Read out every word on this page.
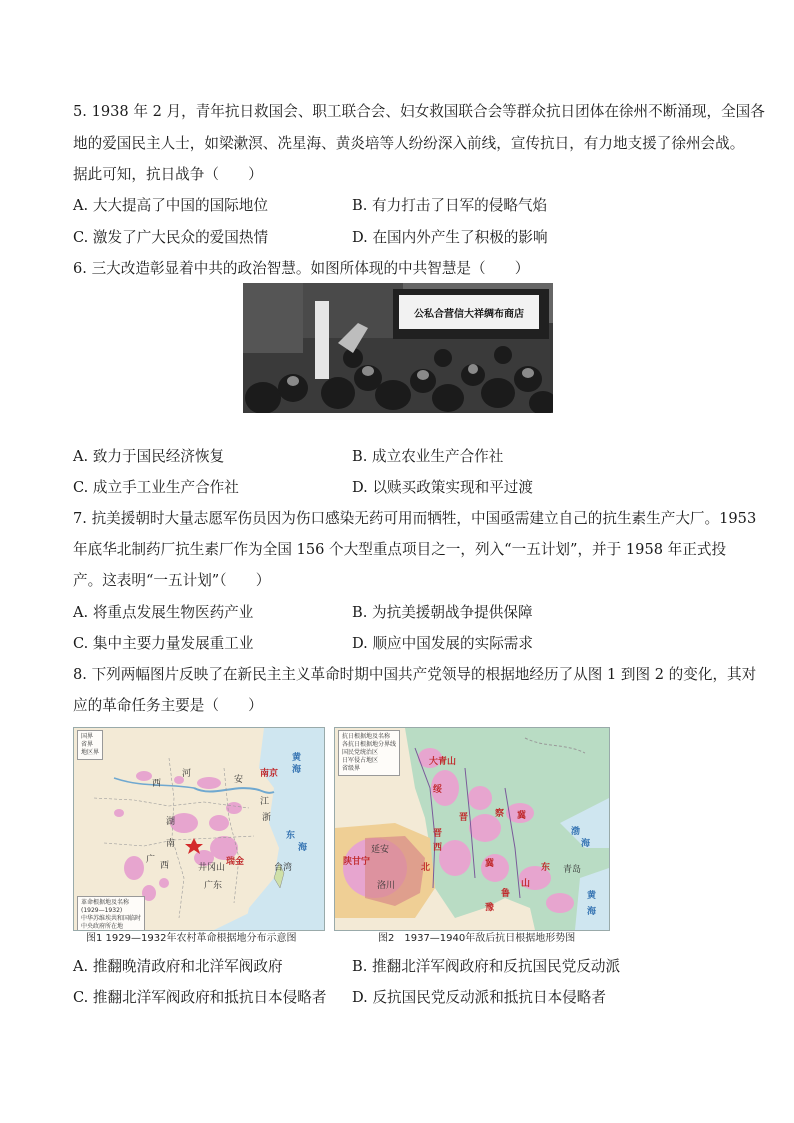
5. 1938 年 2 月，青年抗日救国会、职工联合会、妇女救国联合会等群众抗日团体在徐州不断涌现，全国各
地的爱国民主人士，如梁漱溟、冼星海、黄炎培等人纷纷深入前线，宣传抗日，有力地支援了徐州会战。
据此可知，抗日战争（　　）
A. 大大提高了中国的国际地位	B. 有力打击了日军的侵略气焰
C. 激发了广大民众的爱国热情	D. 在国内外产生了积极的影响
6. 三大改造彰显着中共的政治智慧。如图所体现的中共智慧是（　　）
公私合营信大祥绸布商店
A. 致力于国民经济恢复	B. 成立农业生产合作社
C. 成立手工业生产合作社	D. 以赎买政策实现和平过渡
7. 抗美援朝时大量志愿军伤员因为伤口感染无药可用而牺牲，中国亟需建立自己的抗生素生产大厂。1953
年底华北制药厂抗生素厂作为全国 156 个大型重点项目之一，列入“一五计划”，并于 1958 年正式投
产。这表明“一五计划”（　　）
A. 将重点发展生物医药产业	B. 为抗美援朝战争提供保障
C. 集中主要力量发展重工业	D. 顺应中国发展的实际需求
8. 下列两幅图片反映了在新民主主义革命时期中国共产党领导的根据地经历了从图 1 到图 2 的变化，其对
应的革命任务主要是（　　）
国界
省界
地区界
革命根据地及名称
(1929—1932)
中华苏维埃共和国临时
中央政府所在地
河
西	安
南京
黄
海
湖
江
浙
东
海
广
西
南
台湾
广东
瑞金
井冈山
图1 1929—1932年农村革命根据地分布示意图
抗日根据地及名称
各抗日根据地分界线
国民党统治区
日军侵占地区
省级界
大青山
绥
晋	察 冀
陕甘宁
延安
晋
西
北	冀
鲁
豫
山
东
渤
海
黄
海
青岛
洛川
图2　1937—1940年敌后抗日根据地形势图
A. 推翻晚清政府和北洋军阀政府	B. 推翻北洋军阀政府和反抗国民党反动派
C. 推翻北洋军阀政府和抵抗日本侵略者 D. 反抗国民党反动派和抵抗日本侵略者
